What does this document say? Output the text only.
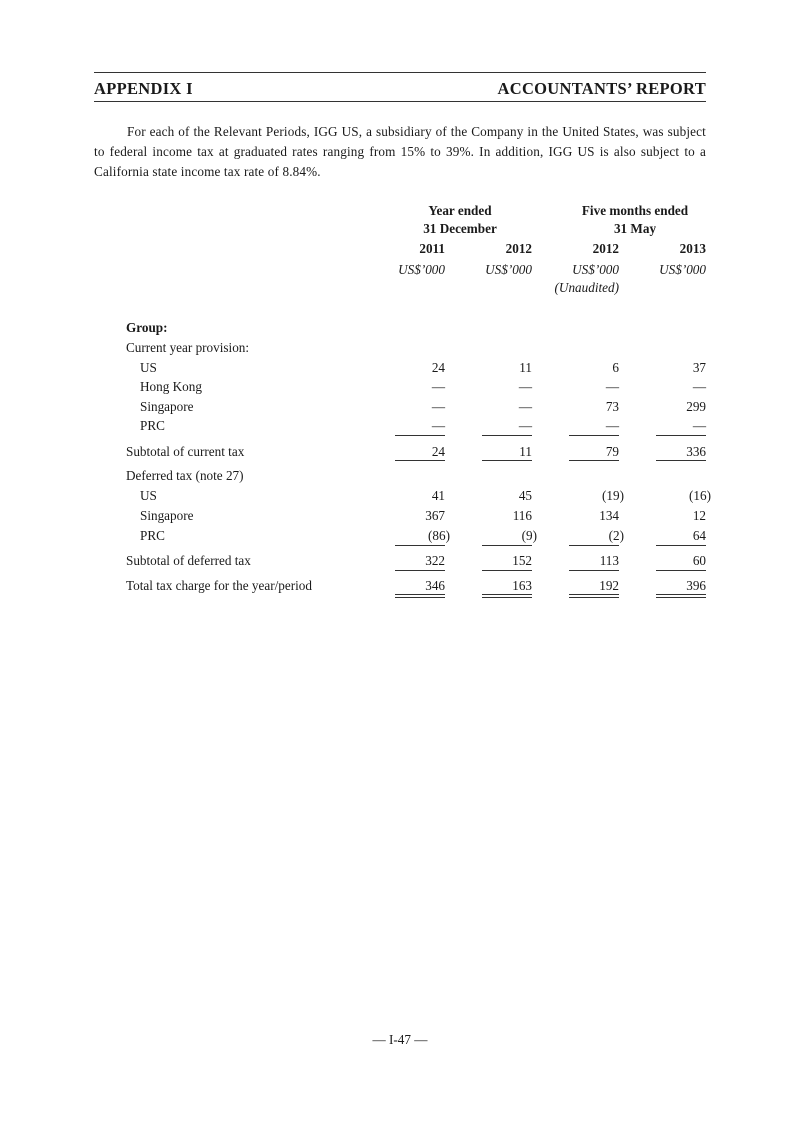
APPENDIX I	ACCOUNTANTS’ REPORT

For each of the Relevant Periods, IGG US, a subsidiary of the Company in the United States, was subject to federal income tax at graduated rates ranging from 15% to 39%. In addition, IGG US is also subject to a California state income tax rate of 8.84%.

Year ended
31 December
Five months ended
31 May
2011	2012	2012	2013
US$’000	US$’000	US$’000	US$’000
(Unaudited)
Group:
Current year provision:
US	24	11	6	37
Hong Kong	—	—	—	—
Singapore	—	—	73	299
PRC	—	—	—	—
Subtotal of current tax	24	11	79	336
Deferred tax (note 27)
US	41	45	(19)	(16)
Singapore	367	116	134	12
PRC	(86)	(9)	(2)	64
Subtotal of deferred tax	322	152	113	60
Total tax charge for the year/period	346	163	192	396
— I-47 —
